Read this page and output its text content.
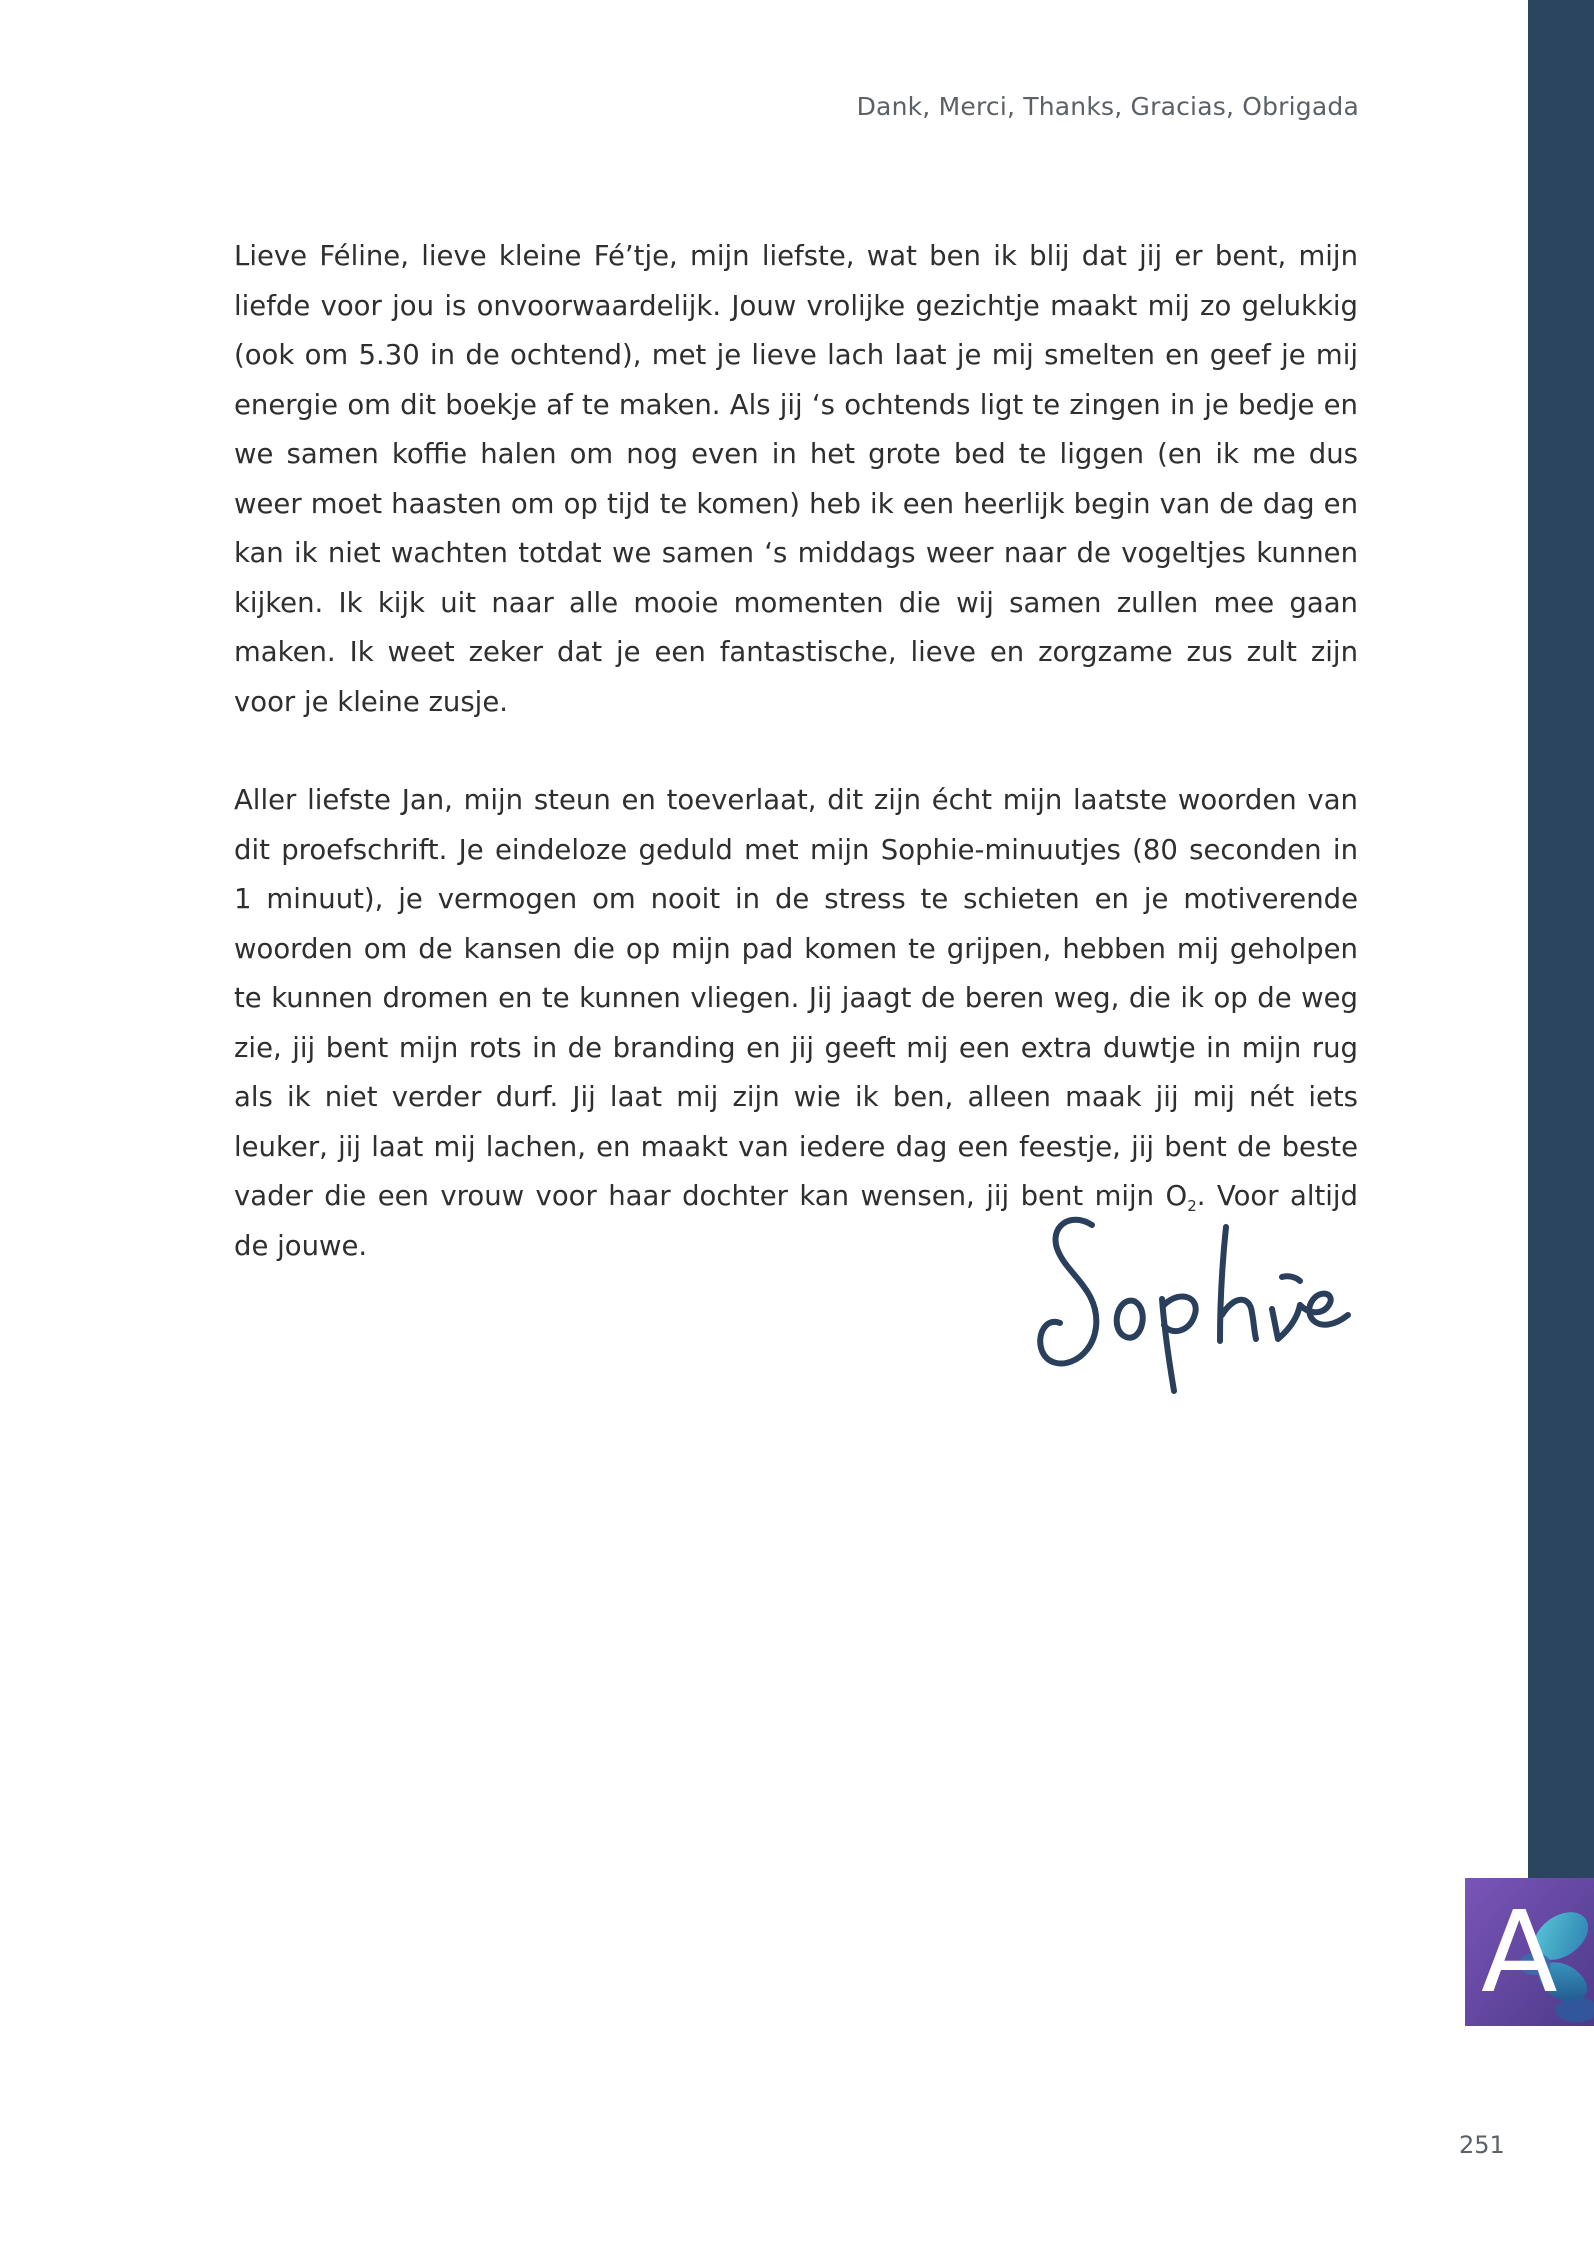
A
Dank, Merci, Thanks, Gracias, Obrigada

Lieve Féline, lieve kleine Fé’tje, mijn liefste, wat ben ik blij dat jij er bent, mijn liefde voor jou is onvoorwaardelijk. Jouw vrolijke gezichtje maakt mij zo gelukkig (ook om 5.30 in de ochtend), met je lieve lach laat je mij smelten en geef je mij energie om dit boekje af te maken. Als jij ‘s ochtends ligt te zingen in je bedje en we samen koffie halen om nog even in het grote bed te liggen (en ik me dus weer moet haasten om op tijd te komen) heb ik een heerlijk begin van de dag en kan ik niet wachten totdat we samen ‘s middags weer naar de vogeltjes kunnen kijken. Ik kijk uit naar alle mooie momenten die wij samen zullen mee gaan maken. Ik weet zeker dat je een fantastische, lieve en zorgzame zus zult zijn voor je kleine zusje.

Aller liefste Jan, mijn steun en toeverlaat, dit zijn écht mijn laatste woorden van dit proefschrift. Je eindeloze geduld met mijn Sophie-minuutjes (80 seconden in 1 minuut), je vermogen om nooit in de stress te schieten en je motiverende woorden om de kansen die op mijn pad komen te grijpen, hebben mij geholpen te kunnen dromen en te kunnen vliegen. Jij jaagt de beren weg, die ik op de weg zie, jij bent mijn rots in de branding en jij geeft mij een extra duwtje in mijn rug als ik niet verder durf. Jij laat mij zijn wie ik ben, alleen maak jij mij nét iets leuker, jij laat mij lachen, en maakt van iedere dag een feestje, jij bent de beste vader die een vrouw voor haar dochter kan wensen, jij bent mijn $O_2$. Voor altijd de jouwe.

251
